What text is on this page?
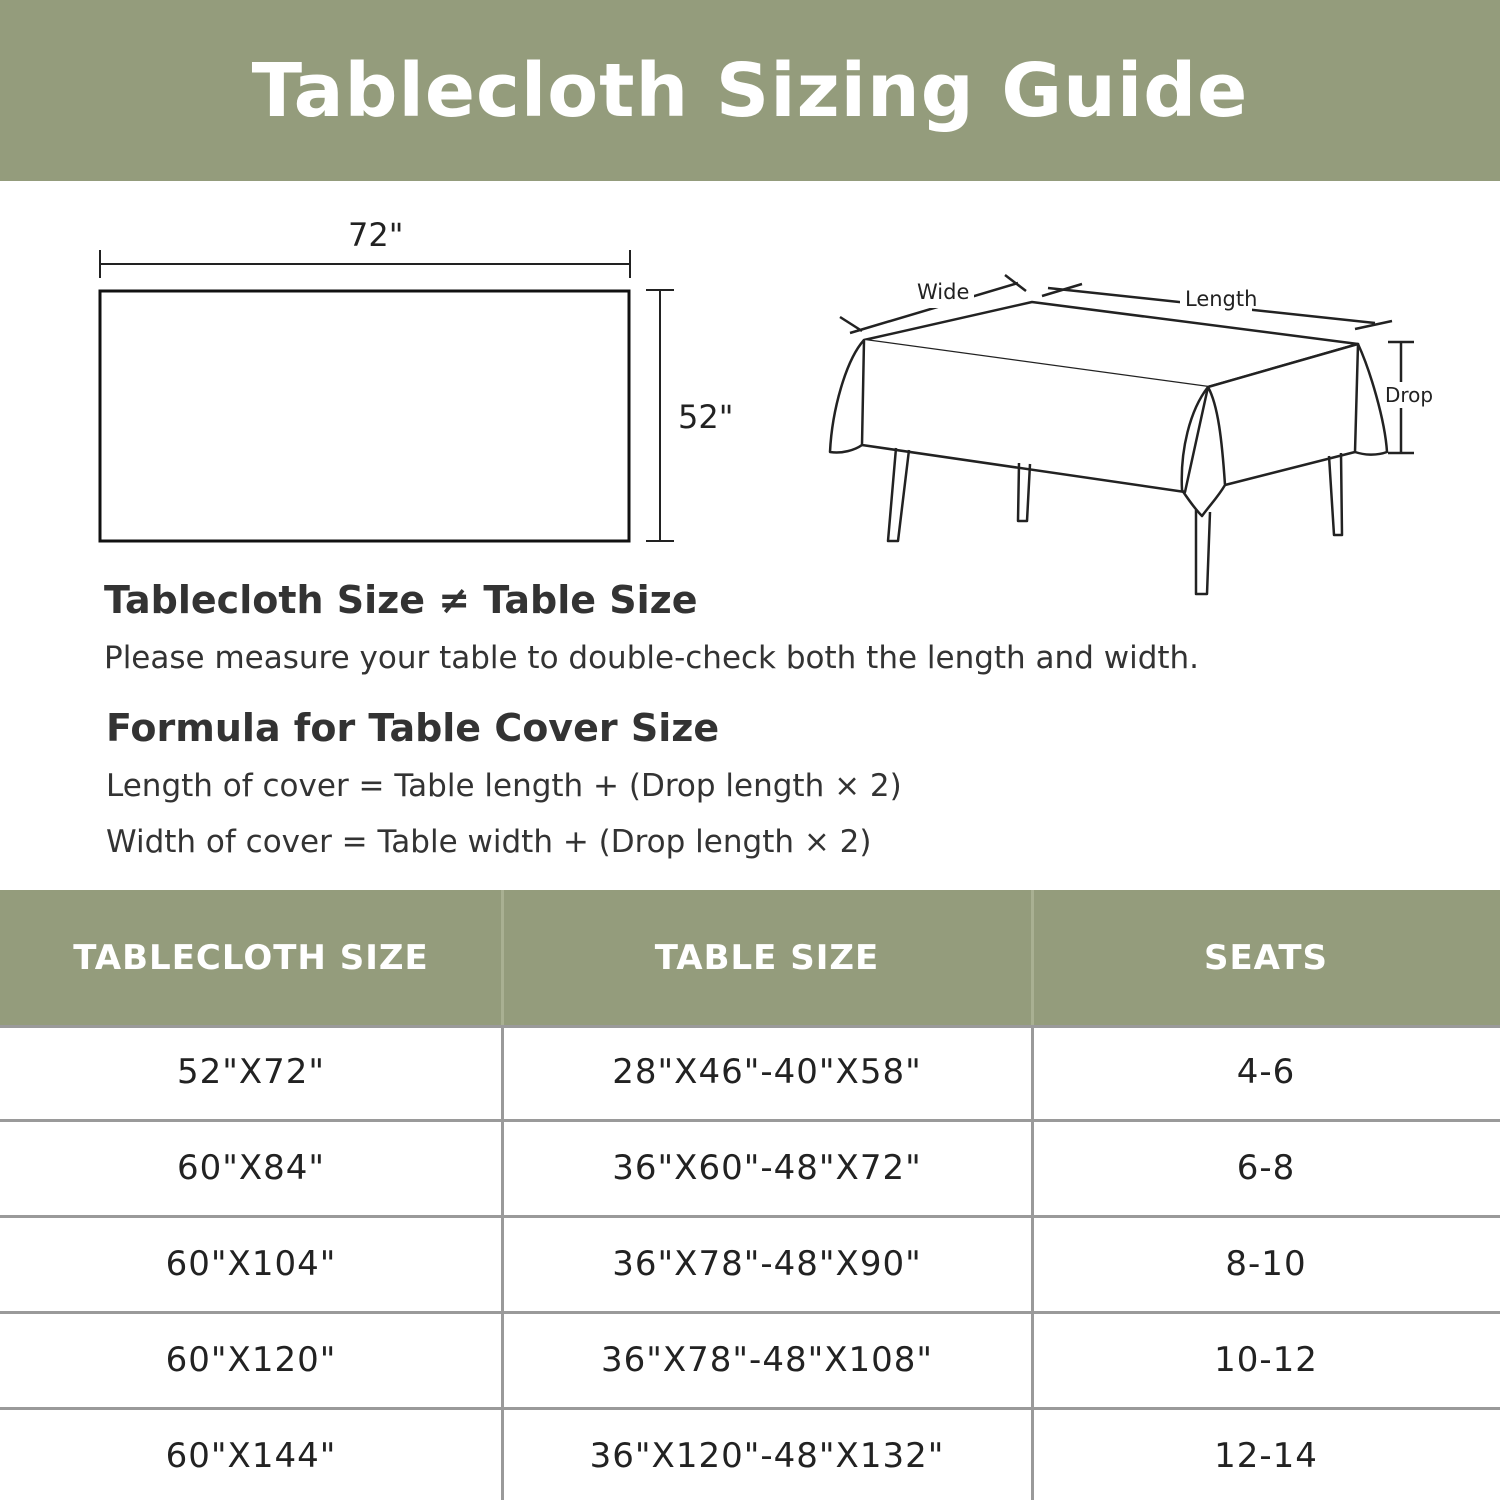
Tablecloth Sizing Guide
72"
52"
Wide	Length
Drop

Tablecloth Size ≠ Table Size

Please measure your table to double-check both the length and width.

Formula for Table Cover Size

Length of cover = Table length + (Drop length × 2)

Width of cover = Table width + (Drop length × 2)

TABLECLOTH SIZE	TABLE SIZE	SEATS
52"X72"	28"X46"-40"X58"	4-6
60"X84"	36"X60"-48"X72"	6-8
60"X104"	36"X78"-48"X90"	8-10
60"X120"	36"X78"-48"X108"	10-12
60"X144"	36"X120"-48"X132"	12-14
